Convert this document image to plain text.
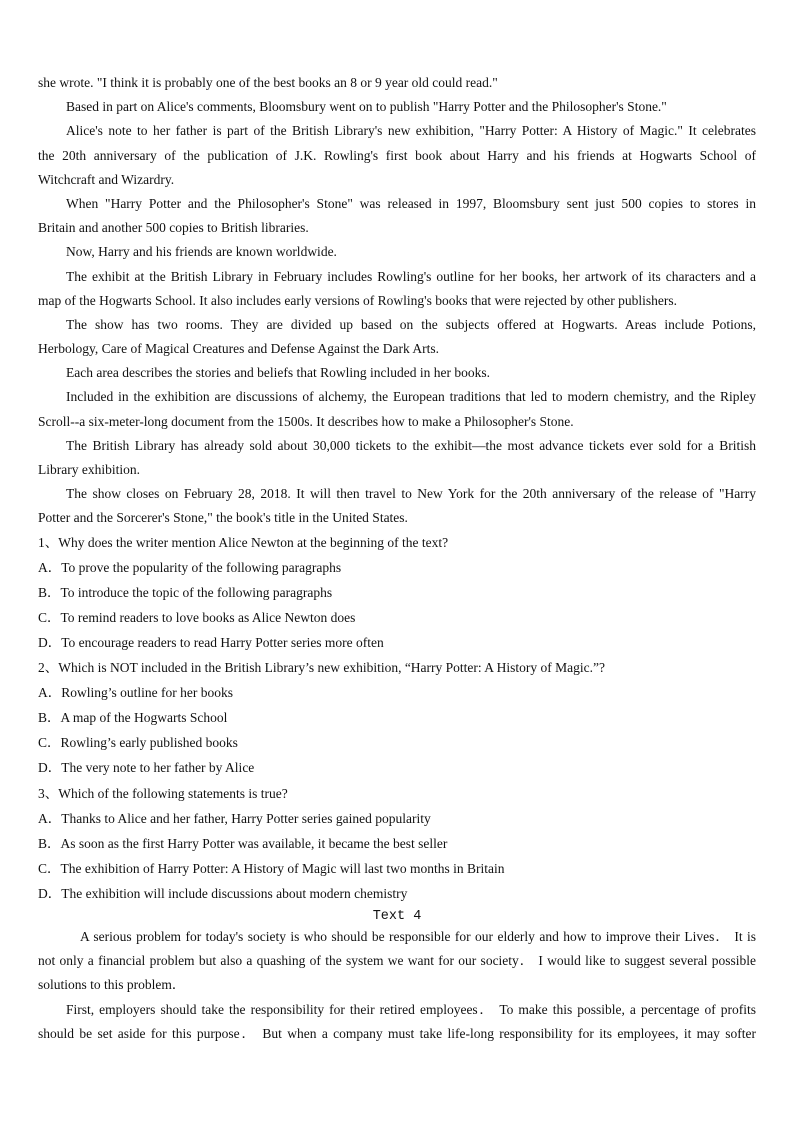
she wrote. "I think it is probably one of the best books an 8 or 9 year old could read."
Based in part on Alice's comments, Bloomsbury went on to publish "Harry Potter and the Philosopher's Stone."
Alice's note to her father is part of the British Library's new exhibition, "Harry Potter: A History of Magic." It celebrates
the 20th anniversary of the publication of J.K. Rowling's first book about Harry and his friends at Hogwarts School of
Witchcraft and Wizardry.
When "Harry Potter and the Philosopher's Stone" was released in 1997, Bloomsbury sent just 500 copies to stores in
Britain and another 500 copies to British libraries.
Now, Harry and his friends are known worldwide.
The exhibit at the British Library in February includes Rowling's outline for her books, her artwork of its characters and a
map of the Hogwarts School. It also includes early versions of Rowling's books that were rejected by other publishers.
The show has two rooms. They are divided up based on the subjects offered at Hogwarts. Areas include Potions,
Herbology, Care of Magical Creatures and Defense Against the Dark Arts.
Each area describes the stories and beliefs that Rowling included in her books.
Included in the exhibition are discussions of alchemy, the European traditions that led to modern chemistry, and the Ripley
Scroll--a six-meter-long document from the 1500s. It describes how to make a Philosopher's Stone.
The British Library has already sold about 30,000 tickets to the exhibit—the most advance tickets ever sold for a British
Library exhibition.
The show closes on February 28, 2018. It will then travel to New York for the 20th anniversary of the release of "Harry
Potter and the Sorcerer's Stone," the book's title in the United States.
1、Why does the writer mention Alice Newton at the beginning of the text?
A．To prove the popularity of the following paragraphs
B．To introduce the topic of the following paragraphs
C．To remind readers to love books as Alice Newton does
D．To encourage readers to read Harry Potter series more often
2、Which is NOT included in the British Library’s new exhibition, “Harry Potter: A History of Magic.”?
A．Rowling’s outline for her books
B．A map of the Hogwarts School
C．Rowling’s early published books
D．The very note to her father by Alice
3、Which of the following statements is true?
A．Thanks to Alice and her father, Harry Potter series gained popularity
B．As soon as the first Harry Potter was available, it became the best seller
C．The exhibition of Harry Potter: A History of Magic will last two months in Britain
D．The exhibition will include discussions about modern chemistry
Text 4
A serious problem for today's society is who should be responsible for our elderly and how to improve their Lives． It is
not only a financial problem but also a quashing of the system we want for our society． I would like to suggest several possible
solutions to this problem．
First, employers should take the responsibility for their retired employees． To make this possible, a percentage of profits
should be set aside for this purpose． But when a company must take life-long responsibility for its employees, it may softer
